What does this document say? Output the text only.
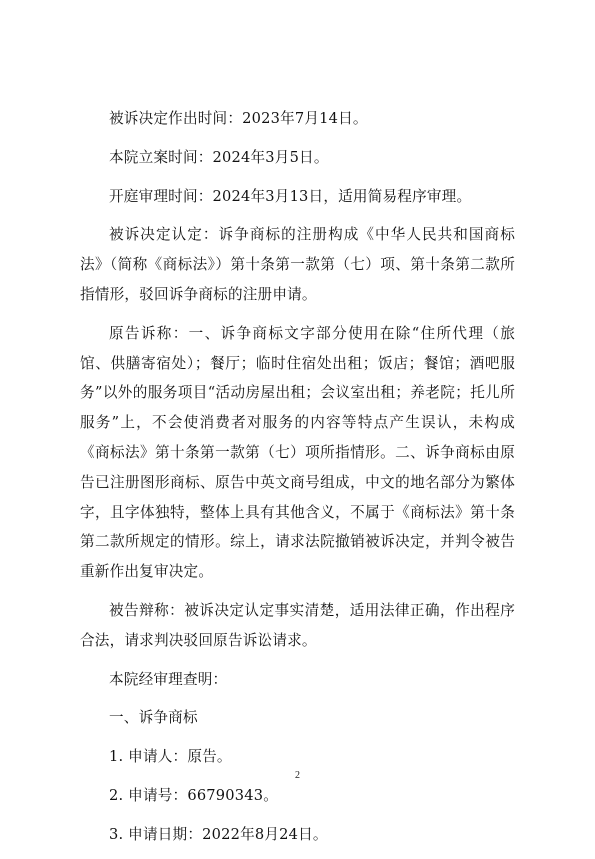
被诉决定作出时间：2023年7月14日。

本院立案时间：2024年3月5日。

开庭审理时间：2024年3月13日，适用简易程序审理。

被诉决定认定：诉争商标的注册构成《中华人民共和国商标法》（简称《商标法》）第十条第一款第（七）项、第十条第二款所指情形，驳回诉争商标的注册申请。

原告诉称：一、诉争商标文字部分使用在除“住所代理（旅馆、供膳寄宿处）；餐厅；临时住宿处出租；饭店；餐馆；酒吧服务”以外的服务项目“活动房屋出租；会议室出租；养老院；托儿所服务”上，不会使消费者对服务的内容等特点产生误认，未构成《商标法》第十条第一款第（七）项所指情形。二、诉争商标由原告已注册图形商标、原告中英文商号组成，中文的地名部分为繁体字，且字体独特，整体上具有其他含义，不属于《商标法》第十条第二款所规定的情形。综上，请求法院撤销被诉决定，并判令被告重新作出复审决定。

被告辩称：被诉决定认定事实清楚，适用法律正确，作出程序合法，请求判决驳回原告诉讼请求。

本院经审理查明：

一、诉争商标

1. 申请人：原告。

2. 申请号：66790343。

3. 申请日期：2022年8月24日。

2
